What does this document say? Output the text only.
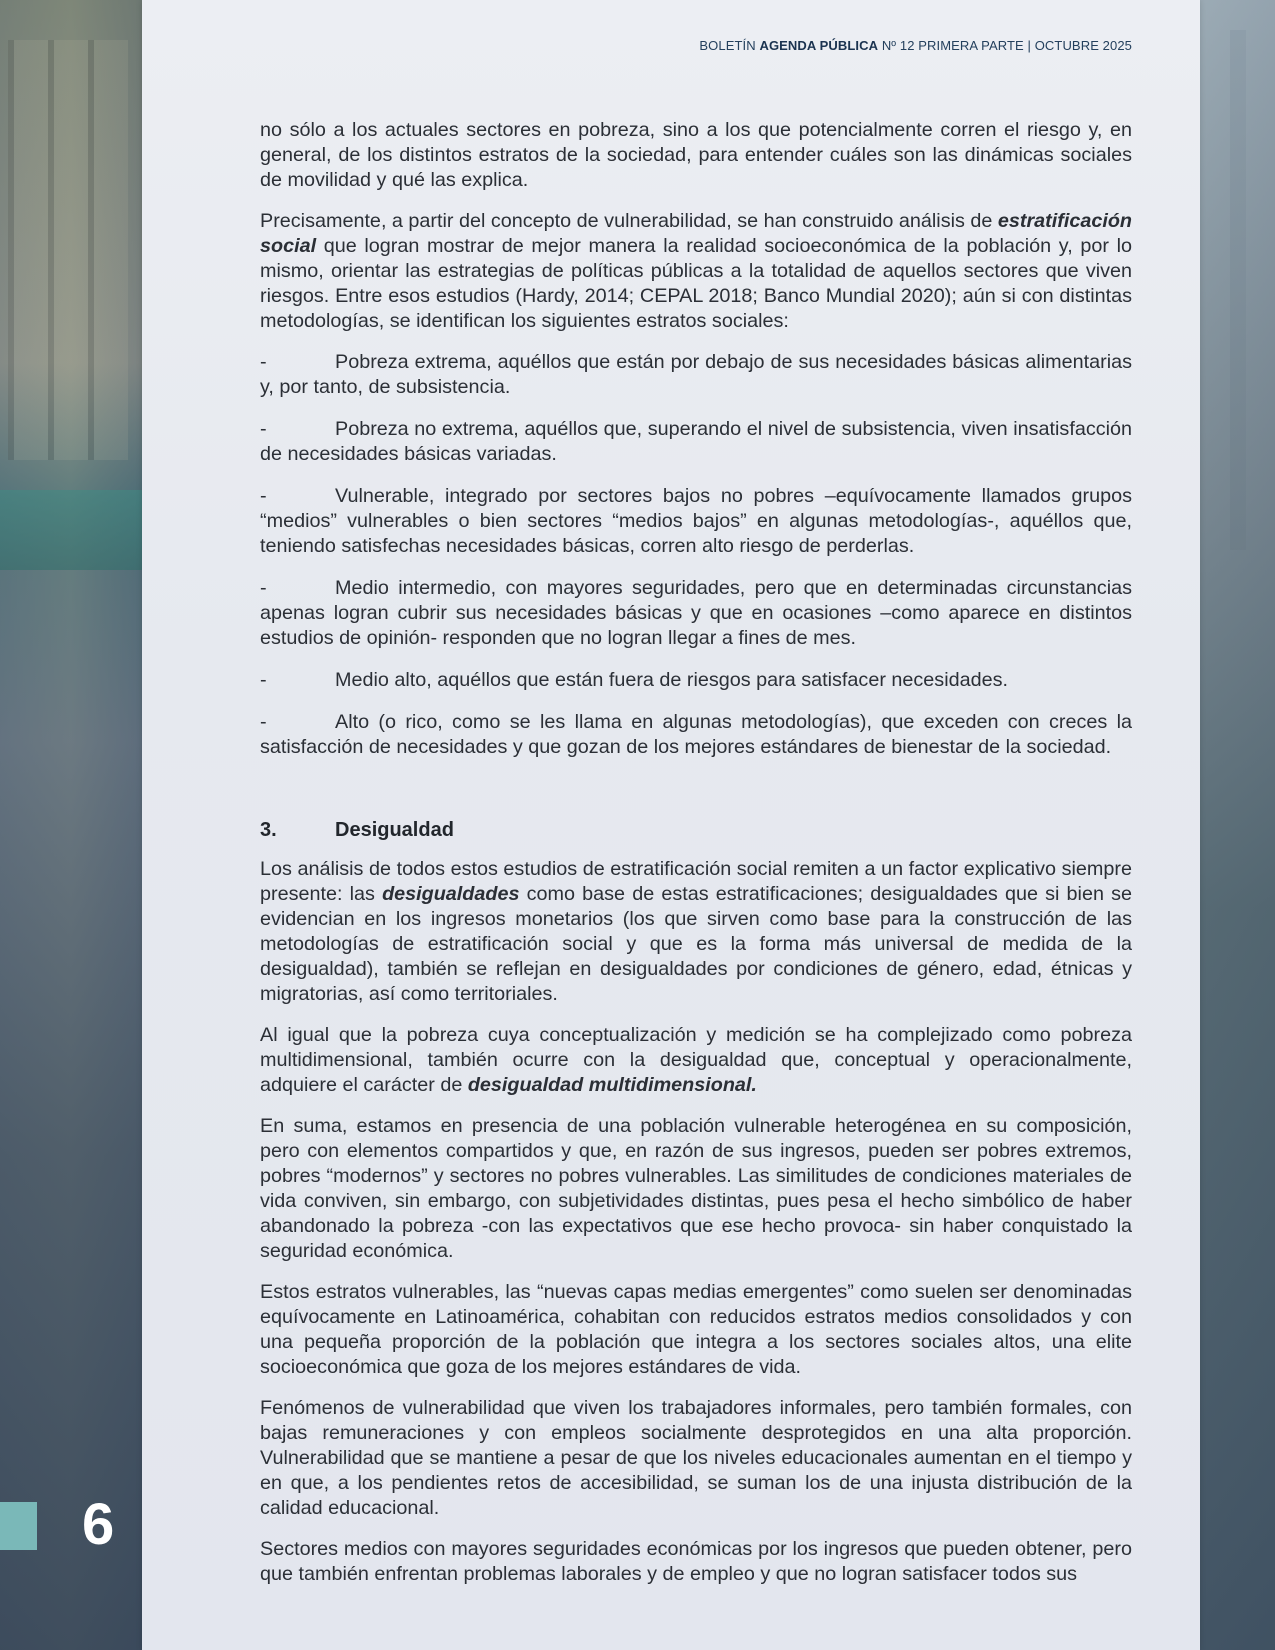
BOLETÍN AGENDA PÚBLICA Nº 12 PRIMERA PARTE | OCTUBRE 2025

no sólo a los actuales sectores en pobreza, sino a los que potencialmente corren el riesgo y, en general, de los distintos estratos de la sociedad, para entender cuáles son las dinámicas sociales de movilidad y qué las explica.

Precisamente, a partir del concepto de vulnerabilidad, se han construido análisis de estratificación social que logran mostrar de mejor manera la realidad socioeconómica de la población y, por lo mismo, orientar las estrategias de políticas públicas a la totalidad de aquellos sectores que viven riesgos. Entre esos estudios (Hardy, 2014; CEPAL 2018; Banco Mundial 2020); aún si con distintas metodologías, se identifican los siguientes estratos sociales:

-	Pobreza extrema, aquéllos que están por debajo de sus necesidades básicas alimentarias y, por tanto, de subsistencia.

-	Pobreza no extrema, aquéllos que, superando el nivel de subsistencia, viven insatisfacción de necesidades básicas variadas.

-	Vulnerable, integrado por sectores bajos no pobres –equívocamente llamados grupos “medios” vulnerables o bien sectores “medios bajos” en algunas metodologías-, aquéllos que, teniendo satisfechas necesidades básicas, corren alto riesgo de perderlas.

-	Medio intermedio, con mayores seguridades, pero que en determinadas circunstancias apenas logran cubrir sus necesidades básicas y que en ocasiones –como aparece en distintos estudios de opinión- responden que no logran llegar a fines de mes.

-	Medio alto, aquéllos que están fuera de riesgos para satisfacer necesidades.

-	Alto (o rico, como se les llama en algunas metodologías), que exceden con creces la satisfacción de necesidades y que gozan de los mejores estándares de bienestar de la sociedad.

3.	Desigualdad

Los análisis de todos estos estudios de estratificación social remiten a un factor explicativo siempre presente: las desigualdades como base de estas estratificaciones; desigualdades que si bien se evidencian en los ingresos monetarios (los que sirven como base para la construcción de las metodologías de estratificación social y que es la forma más universal de medida de la desigualdad), también se reflejan en desigualdades por condiciones de género, edad, étnicas y migratorias, así como territoriales.

Al igual que la pobreza cuya conceptualización y medición se ha complejizado como pobreza multidimensional, también ocurre con la desigualdad que, conceptual y operacionalmente, adquiere el carácter de desigualdad multidimensional.

En suma, estamos en presencia de una población vulnerable heterogénea en su composición, pero con elementos compartidos y que, en razón de sus ingresos, pueden ser pobres extremos, pobres “modernos” y sectores no pobres vulnerables. Las similitudes de condiciones materiales de vida conviven, sin embargo, con subjetividades distintas, pues pesa el hecho simbólico de haber abandonado la pobreza -con las expectativos que ese hecho provoca- sin haber conquistado la seguridad económica.

Estos estratos vulnerables, las “nuevas capas medias emergentes” como suelen ser denominadas equívocamente en Latinoamérica, cohabitan con reducidos estratos medios consolidados y con una pequeña proporción de la población que integra a los sectores sociales altos, una elite socioeconómica que goza de los mejores estándares de vida.

Fenómenos de vulnerabilidad que viven los trabajadores informales, pero también formales, con bajas remuneraciones y con empleos socialmente desprotegidos en una alta proporción. Vulnerabilidad que se mantiene a pesar de que los niveles educacionales aumentan en el tiempo y en que, a los pendientes retos de accesibilidad, se suman los de una injusta distribución de la calidad educacional.

Sectores medios con mayores seguridades económicas por los ingresos que pueden obtener, pero que también enfrentan problemas laborales y de empleo y que no logran satisfacer todos sus

6
